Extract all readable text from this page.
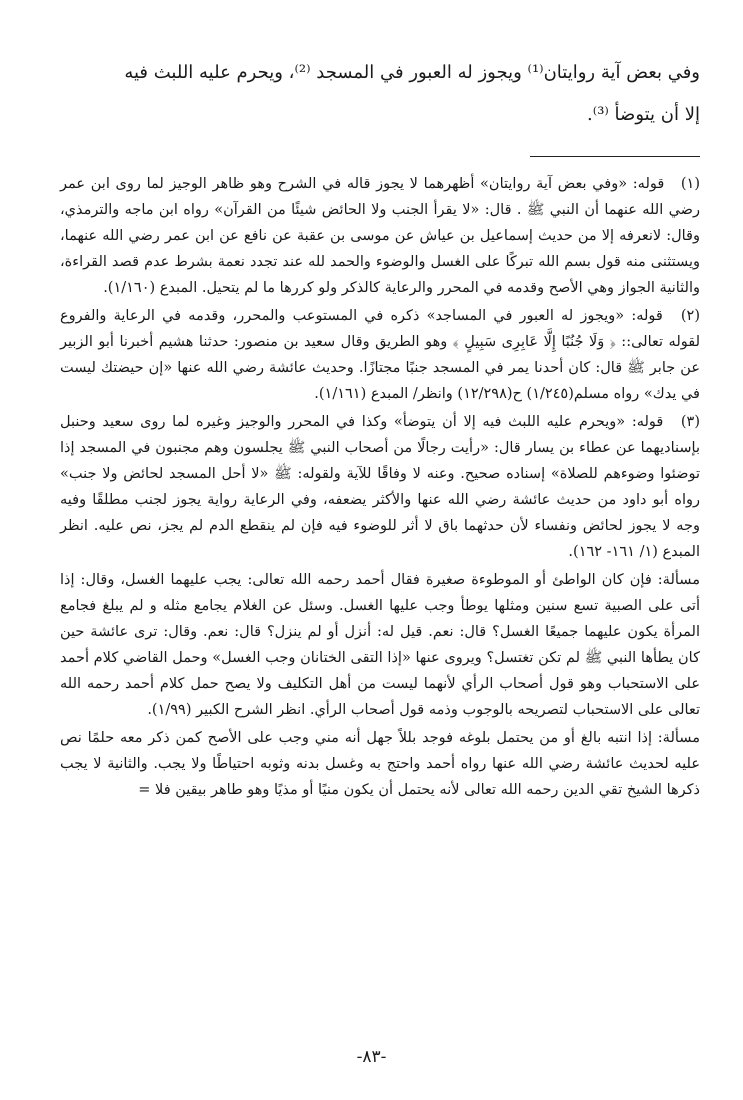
وفي بعض آية روايتان⁽¹⁾ ويجوز له العبور في المسجد ⁽²⁾، ويحرم عليه اللبث فيه

إلا أن يتوضأ ⁽³⁾.

(١) قوله: «وفي بعض آية روايتان» أظهرهما لا يجوز قاله في الشرح وهو ظاهر الوجيز لما روى ابن عمر رضي الله عنهما أن النبي ﷺ . قال: «لا يقرأ الجنب ولا الحائض شيئًا من القرآن» رواه ابن ماجه والترمذي، وقال: لانعرفه إلا من حديث إسماعيل بن عياش عن موسى بن عقبة عن نافع عن ابن عمر رضي الله عنهما، ويستثنى منه قول بسم الله تبركًا على الغسل والوضوء والحمد لله عند تجدد نعمة بشرط عدم قصد القراءة، والثانية الجواز وهي الأصح وقدمه في المحرر والرعاية كالذكر ولو كررها ما لم يتحيل. المبدع (١/١٦٠).
(٢) قوله: «ويجوز له العبور في المساجد» ذكره في المستوعب والمحرر، وقدمه في الرعاية والفروع لقوله تعالى:: ﴿ وَلَا جُنُبًا إِلَّا عَابِرِى سَبِيلٍ ﴾ وهو الطريق وقال سعيد بن منصور: حدثنا هشيم أخبرنا أبو الزبير عن جابر ﷺ قال: كان أحدنا يمر في المسجد جنبًا مجتازًا. وحديث عائشة رضي الله عنها «إن حيضتك ليست في يدك» رواه مسلم(١/٢٤٥) ح(١٢/٢٩٨) وانظر/ المبدع (١/١٦١).
(٣) قوله: «ويحرم عليه اللبث فيه إلا أن يتوضأ» وكذا في المحرر والوجيز وغيره لما روى سعيد وحنبل بإسناديهما عن عطاء بن يسار قال: «رأيت رجالًا من أصحاب النبي ﷺ يجلسون وهم مجنبون في المسجد إذا توضئوا وضوءهم للصلاة» إسناده صحيح. وعنه لا وفاقًا للآية ولقوله: ﷺ «لا أحل المسجد لحائض ولا جنب» رواه أبو داود من حديث عائشة رضي الله عنها والأكثر يضعفه، وفي الرعاية رواية يجوز لجنب مطلقًا وفيه وجه لا يجوز لحائض ونفساء لأن حدثهما باق لا أثر للوضوء فيه فإن لم ينقطع الدم لم يجز، نص عليه. انظر المبدع (١/ ١٦١- ١٦٢).
مسألة: فإن كان الواطئ أو الموطوءة صغيرة فقال أحمد رحمه الله تعالى: يجب عليهما الغسل، وقال: إذا أتى على الصبية تسع سنين ومثلها يوطأ وجب عليها الغسل. وسئل عن الغلام يجامع مثله و لم يبلغ فجامع المرأة يكون عليهما جميعًا الغسل؟ قال: نعم. قيل له: أنزل أو لم ينزل؟ قال: نعم. وقال: ترى عائشة حين كان يطأها النبي ﷺ لم تكن تغتسل؟ ويروى عنها «إذا التقى الختانان وجب الغسل» وحمل القاضي كلام أحمد على الاستحباب وهو قول أصحاب الرأي لأنهما ليست من أهل التكليف ولا يصح حمل كلام أحمد رحمه الله تعالى على الاستحباب لتصريحه بالوجوب وذمه قول أصحاب الرأي. انظر الشرح الكبير (١/٩٩).
مسألة: إذا انتبه بالغ أو من يحتمل بلوغه فوجد بللاً جهل أنه مني وجب على الأصح كمن ذكر معه حلمًا نص عليه لحديث عائشة رضي الله عنها رواه أحمد واحتج به وغسل بدنه وثوبه احتياطًا ولا يجب. والثانية لا يجب ذكرها الشيخ تقي الدين رحمه الله تعالى لأنه يحتمل أن يكون منيًا أو مذيًا وهو طاهر بيقين فلا =
-٨٣-
